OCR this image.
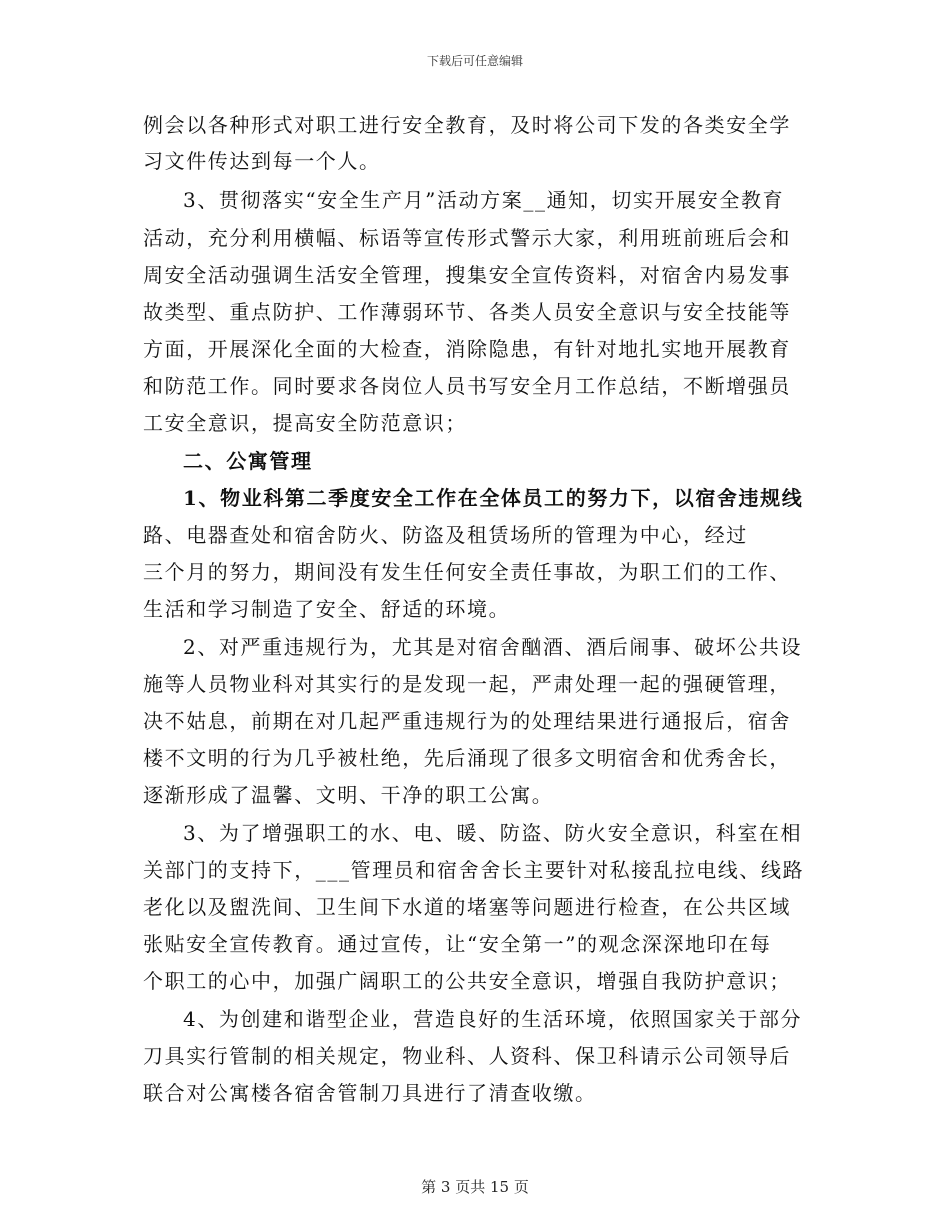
下载后可任意编辑
例会以各种形式对职工进行安全教育，及时将公司下发的各类安全学
习文件传达到每一个人。
3、贯彻落实“安全生产月”活动方案__通知，切实开展安全教育
活动，充分利用横幅、标语等宣传形式警示大家，利用班前班后会和
周安全活动强调生活安全管理，搜集安全宣传资料，对宿舍内易发事
故类型、重点防护、工作薄弱环节、各类人员安全意识与安全技能等
方面，开展深化全面的大检查，消除隐患，有针对地扎实地开展教育
和防范工作。同时要求各岗位人员书写安全月工作总结，不断增强员
工安全意识，提高安全防范意识；
二、公寓管理
1、物业科第二季度安全工作在全体员工的努力下，以宿舍违规线
路、电器查处和宿舍防火、防盗及租赁场所的管理为中心，经过
三个月的努力，期间没有发生任何安全责任事故，为职工们的工作、
生活和学习制造了安全、舒适的环境。
2、对严重违规行为，尤其是对宿舍酗酒、酒后闹事、破坏公共设
施等人员物业科对其实行的是发现一起，严肃处理一起的强硬管理，
决不姑息，前期在对几起严重违规行为的处理结果进行通报后，宿舍
楼不文明的行为几乎被杜绝，先后涌现了很多文明宿舍和优秀舍长，
逐渐形成了温馨、文明、干净的职工公寓。
3、为了增强职工的水、电、暖、防盗、防火安全意识，科室在相
关部门的支持下，___管理员和宿舍舍长主要针对私接乱拉电线、线路
老化以及盥洗间、卫生间下水道的堵塞等问题进行检查，在公共区域
张贴安全宣传教育。通过宣传，让“安全第一”的观念深深地印在每
个职工的心中，加强广阔职工的公共安全意识，增强自我防护意识；
4、为创建和谐型企业，营造良好的生活环境，依照国家关于部分
刀具实行管制的相关规定，物业科、人资科、保卫科请示公司领导后
联合对公寓楼各宿舍管制刀具进行了清查收缴。
第 3 页共 15 页
